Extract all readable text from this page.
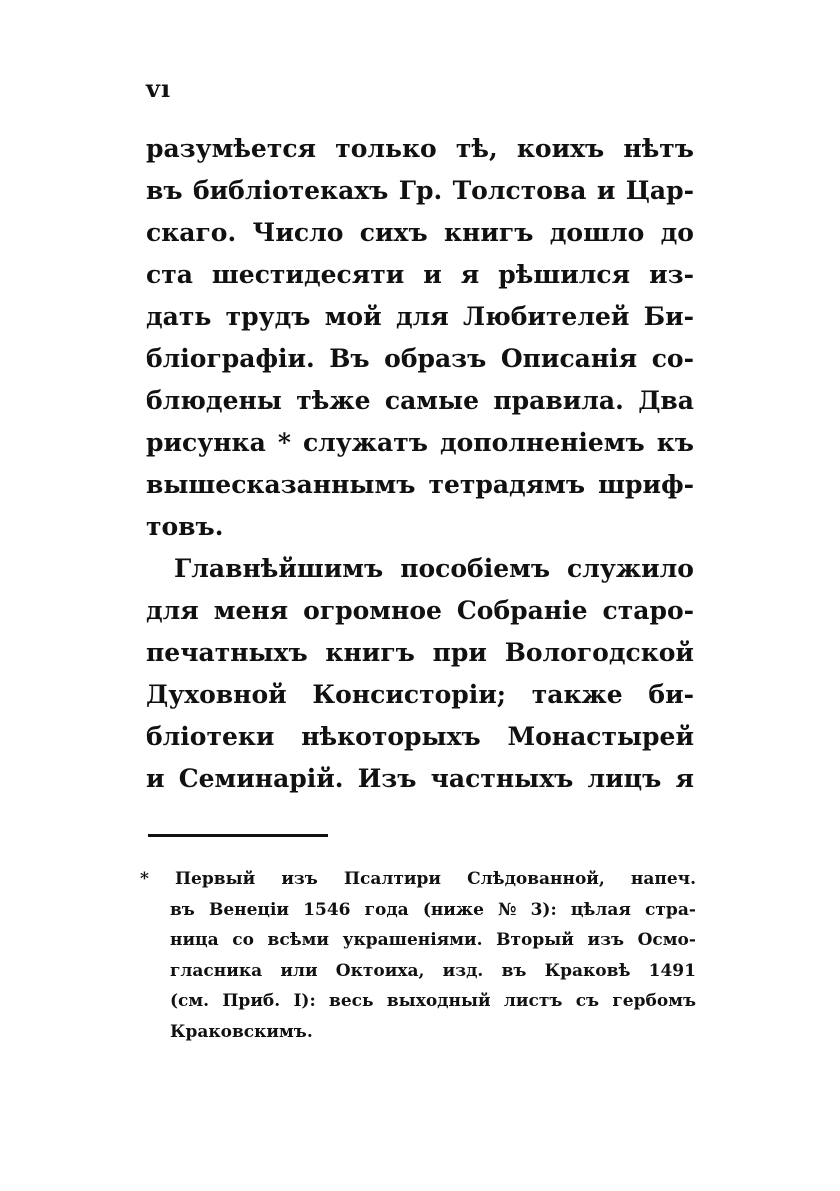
vı
разумѣется только тѣ, коихъ нѣтъ
въ библіотекахъ Гр. Толстова и Цар-
скаго. Число сихъ книгъ дошло до
ста шестидесяти и я рѣшился из-
дать трудъ мой для Любителей Би-
бліографіи. Въ образъ Описанія со-
блюдены тѣже самые правила. Два
рисунка * служатъ дополненіемъ къ
вышесказаннымъ тетрадямъ шриф-
товъ.
Главнѣйшимъ пособіемъ служило
для меня огромное Собраніе старо-
печатныхъ книгъ при Вологодской
Духовной Консисторіи; также би-
бліотеки нѣкоторыхъ Монастырей
и Семинарій. Изъ частныхъ лицъ я
* Первый изъ Псалтири Слѣдованной, напеч.
въ Венеціи 1546 года (ниже № 3): цѣлая стра-
ница со всѣми украшеніями. Вторый изъ Осмо-
гласника или Октоиха, изд. въ Краковѣ 1491
(см. Приб. I): весь выходный листъ съ гербомъ
Краковскимъ.
